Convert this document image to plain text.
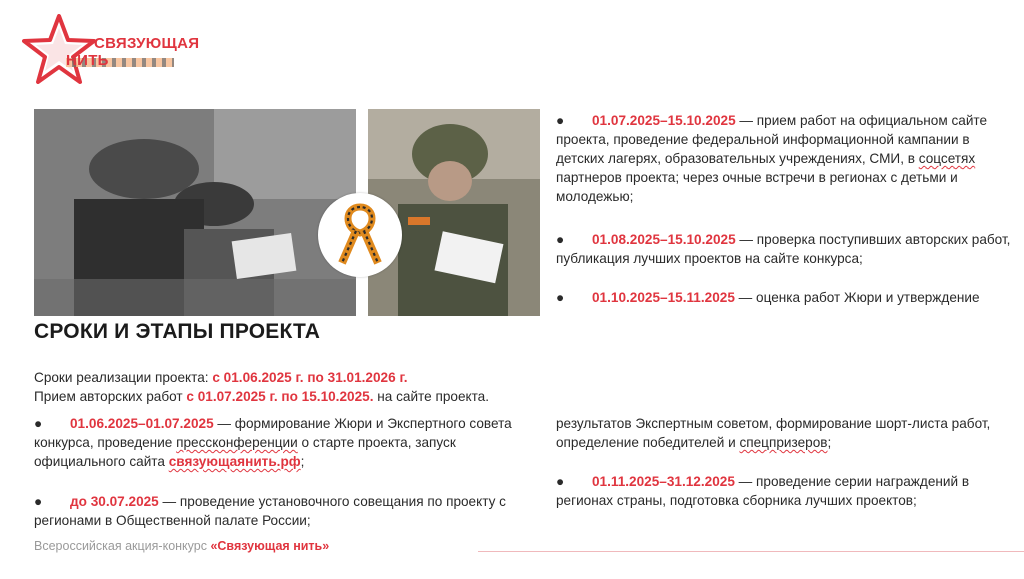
СВЯЗУЮЩАЯ
НИТЬ
СРОКИ И ЭТАПЫ ПРОЕКТА
Сроки реализации проекта: с 01.06.2025 г. по 31.01.2026 г.
Прием авторских работ с 01.07.2025 г. по 15.10.2025. на сайте проекта.
● 01.06.2025–01.07.2025 — формирование Жюри и Экспертного совета конкурса, проведение прессконференции о старте проекта, запуск официального сайта связующаянить.рф;
● до 30.07.2025 — проведение установочного совещания по проекту с регионами в Общественной палате России;
● 01.07.2025–15.10.2025 — прием работ на официальном сайте проекта, проведение федеральной информационной кампании в детских лагерях, образовательных учреждениях, СМИ, в соцсетях партнеров проекта; через очные встречи в регионах с детьми и молодежью;
● 01.08.2025–15.10.2025 — проверка поступивших авторских работ, публикация лучших проектов на сайте конкурса;
● 01.10.2025–15.11.2025 — оценка работ Жюри и утверждение
результатов Экспертным советом, формирование шорт-листа работ, определение победителей и спецпризеров;
● 01.11.2025–31.12.2025 — проведение серии награждений в регионах страны, подготовка сборника лучших проектов;
Всероссийская акция-конкурс «Связующая нить»
